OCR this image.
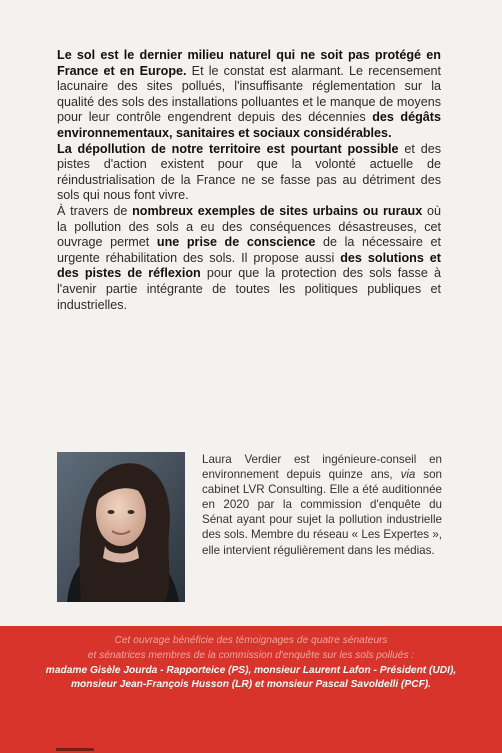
Le sol est le dernier milieu naturel qui ne soit pas protégé en France et en Europe. Et le constat est alarmant. Le recensement lacunaire des sites pollués, l'insuffisante réglementation sur la qualité des sols des installations polluantes et le manque de moyens pour leur contrôle engendrent depuis des décennies des dégâts environnementaux, sanitaires et sociaux considérables.

La dépollution de notre territoire est pourtant possible et des pistes d'action existent pour que la volonté actuelle de réindustrialisation de la France ne se fasse pas au détriment des sols qui nous font vivre.

À travers de nombreux exemples de sites urbains ou ruraux où la pollution des sols a eu des conséquences désastreuses, cet ouvrage permet une prise de conscience de la nécessaire et urgente réhabilitation des sols. Il propose aussi des solutions et des pistes de réflexion pour que la protection des sols fasse à l'avenir partie intégrante de toutes les politiques publiques et industrielles.

Laura Verdier est ingénieure-conseil en environnement depuis quinze ans, via son cabinet LVR Consulting. Elle a été auditionnée en 2020 par la commission d'enquête du Sénat ayant pour sujet la pollution industrielle des sols. Membre du réseau « Les Expertes », elle intervient régulièrement dans les médias.

Cet ouvrage bénéficie des témoignages de quatre sénateurs
et sénatrices membres de la commission d'enquête sur les sols pollués :
madame Gisèle Jourda - Rapporteice (PS), monsieur Laurent Lafon - Président (UDI),
monsieur Jean-François Husson (LR) et monsieur Pascal Savoldelli (PCF).
